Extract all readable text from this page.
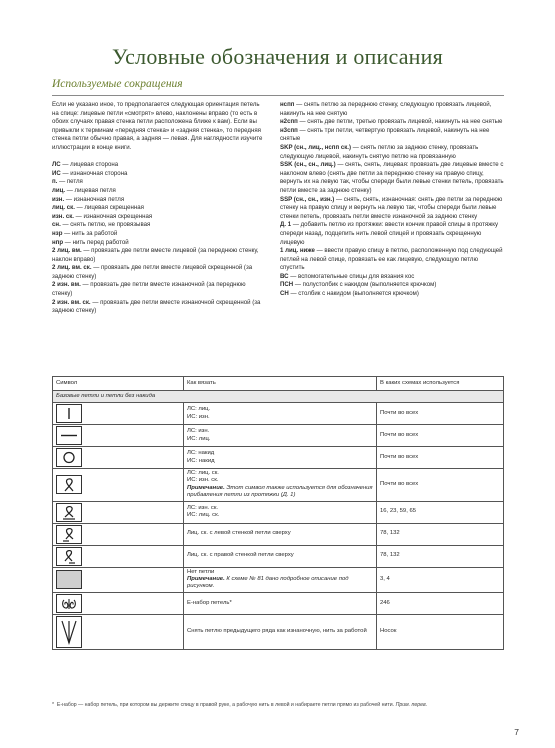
Условные обозначения и описания
Используемые сокращения

Если не указано иное, то предполагается следующая ориентация петель на спице: лицевые петли «смотрят» влево, наклонены вправо (то есть в обоих случаях правая стенка петли расположена ближе к вам). Если вы привыкли к терминам «передняя стенка» и «задняя стенка», то передняя стенка петли обычно правая, а задняя — левая. Для наглядности изучите иллюстрации в конце книги.

ЛС — лицевая сторона

ИС — изнаночная сторона

п. — петля

лиц. — лицевая петля

изн. — изнаночная петля

лиц. ск. — лицевая скрещенная

изн. ск. — изнаночная скрещенная

сн. — снять петлю, не провязывая

нзр — нить за работой

нпр — нить перед работой

2 лиц. вм. — провязать две петли вместе лицевой (за переднюю стенку, наклон вправо)

2 лиц. вм. ск. — провязать две петли вместе лицевой скрещенной (за заднюю стенку)

2 изн. вм. — провязать две петли вместе изнаночной (за переднюю стенку)

2 изн. вм. ск. — провязать две петли вместе изнаночной скрещенной (за заднюю стенку)

нспп — снять петлю за переднюю стенку, следующую провязать лицевой, накинуть на нее снятую

н2спп — снять две петли, третью провязать лицевой, накинуть на нее снятые

н3спп — снять три петли, четвертую провязать лицевой, накинуть на нее снятые

SKP (сн., лиц., нспп ск.) — снять петлю за заднюю стенку, провязать следующую лицевой, накинуть снятую петлю на провязанную

SSK (сн., сн., лиц.) — снять, снять, лицевая: провязать две лицевые вместе с наклоном влево (снять две петли за переднюю стенку на правую спицу, вернуть их на левую так, чтобы спереди были левые стенки петель, провязать петли вместе за заднюю стенку)

SSP (сн., сн., изн.) — снять, снять, изнаночная: снять две петли за переднюю стенку на правую спицу и вернуть на левую так, чтобы спереди были левые стенки петель, провязать петли вместе изнаночной за заднюю стенку

Д. 1 — добавить петлю из протяжки: ввести кончик правой спицы в протяжку спереди назад, подцепить нить левой спицей и провязать скрещенную лицевую

1 лиц. ниже — ввести правую спицу в петлю, расположенную под следующей петлей на левой спице, провязать ее как лицевую, следующую петлю спустить

ВС — вспомогательные спицы для вязания кос

ПСН — полустолбик с накидом (выполняется крючком)

СН — столбик с накидом (выполняется крючком)

Символ	Как вязать	В каких схемах используется
Базовые петли и петли без накида		

ЛС: лиц.
ИС: изн.	Почти во всех

ЛС: изн.
ИС: лиц.	Почти во всех

ЛС: накид
ИС: накид	Почти во всех

ЛС: лиц. ск.
ИС: изн. ск.
Примечание. Этот символ также используется для обозначения прибавления петли из протяжки (Д. 1)	Почти во всех

ЛС: изн. ск.
ИС: лиц. ск.	16, 23, 59, 65

Лиц. ск. с левой стенкой петли сверху	78, 132

Лиц. ск. с правой стенкой петли сверху	78, 132

	Нет петли
Примечание. К схеме № 81 дано подробное описание под рисунком.	3, 4

Е-набор петель*	246

Снять петлю предыдущего ряда как изнаночную, нить за работой	Носок
* Е-набор — набор петель, при котором вы держите спицу в правой руке, а рабочую нить в левой и набираете петли прямо из рабочей нити. Прим. перев.
7
